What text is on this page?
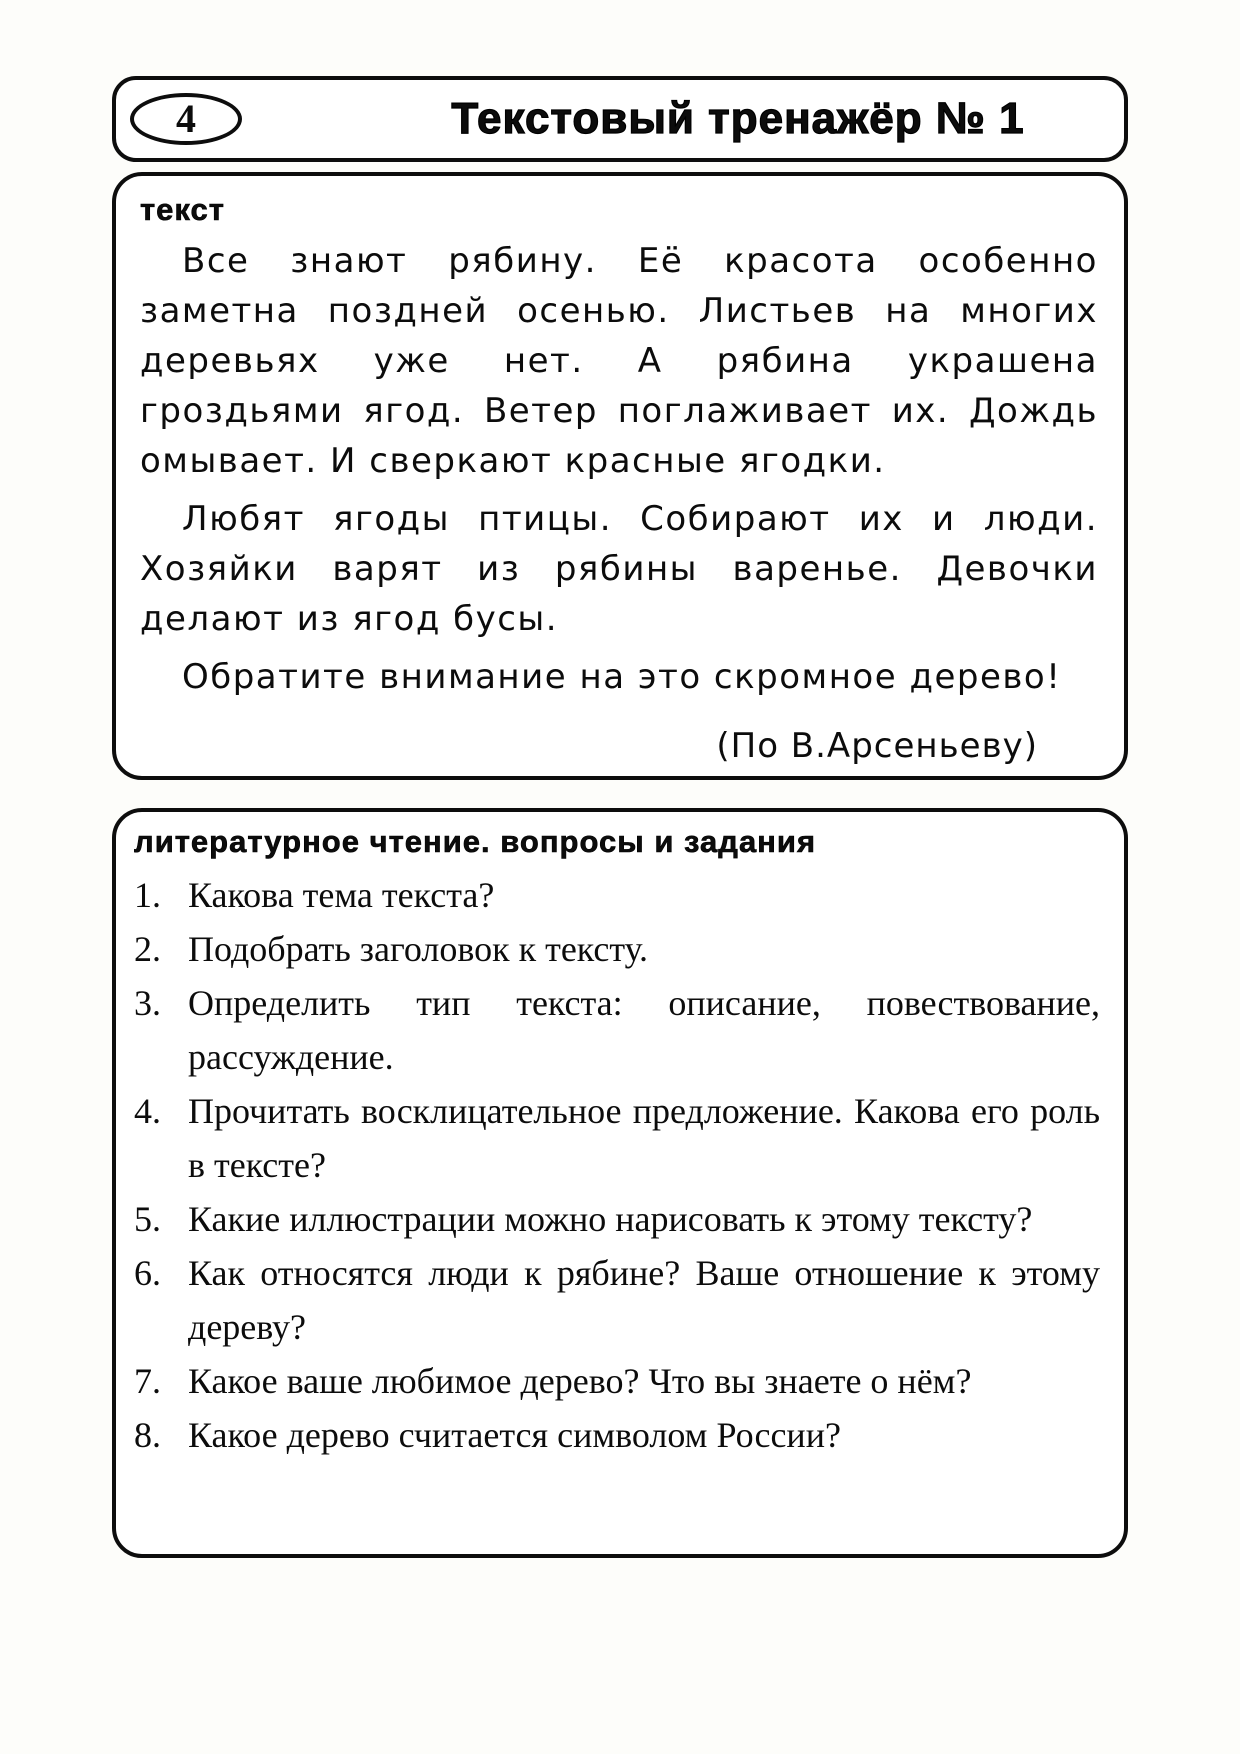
4	Текстовый тренажёр № 1
текст

Все знают рябину. Её красота особенно заметна поздней осенью. Листьев на многих деревьях уже нет. А рябина украшена гроздьями ягод. Ветер поглаживает их. Дождь омывает. И сверкают красные ягодки.

Любят ягоды птицы. Собирают их и люди. Хозяйки варят из рябины варенье. Девочки делают из ягод бусы.

Обратите внимание на это скромное дерево!

(По В.Арсеньеву)
литературное чтение. вопросы и задания
1. Какова тема текста?
2. Подобрать заголовок к тексту.
3. Определить тип текста: описание, повествование, рассуждение.
4. Прочитать восклицательное предложение. Какова его роль в тексте?
5. Какие иллюстрации можно нарисовать к этому тексту?
6. Как относятся люди к рябине? Ваше отношение к этому дереву?
7. Какое ваше любимое дерево? Что вы знаете о нём?
8. Какое дерево считается символом России?
